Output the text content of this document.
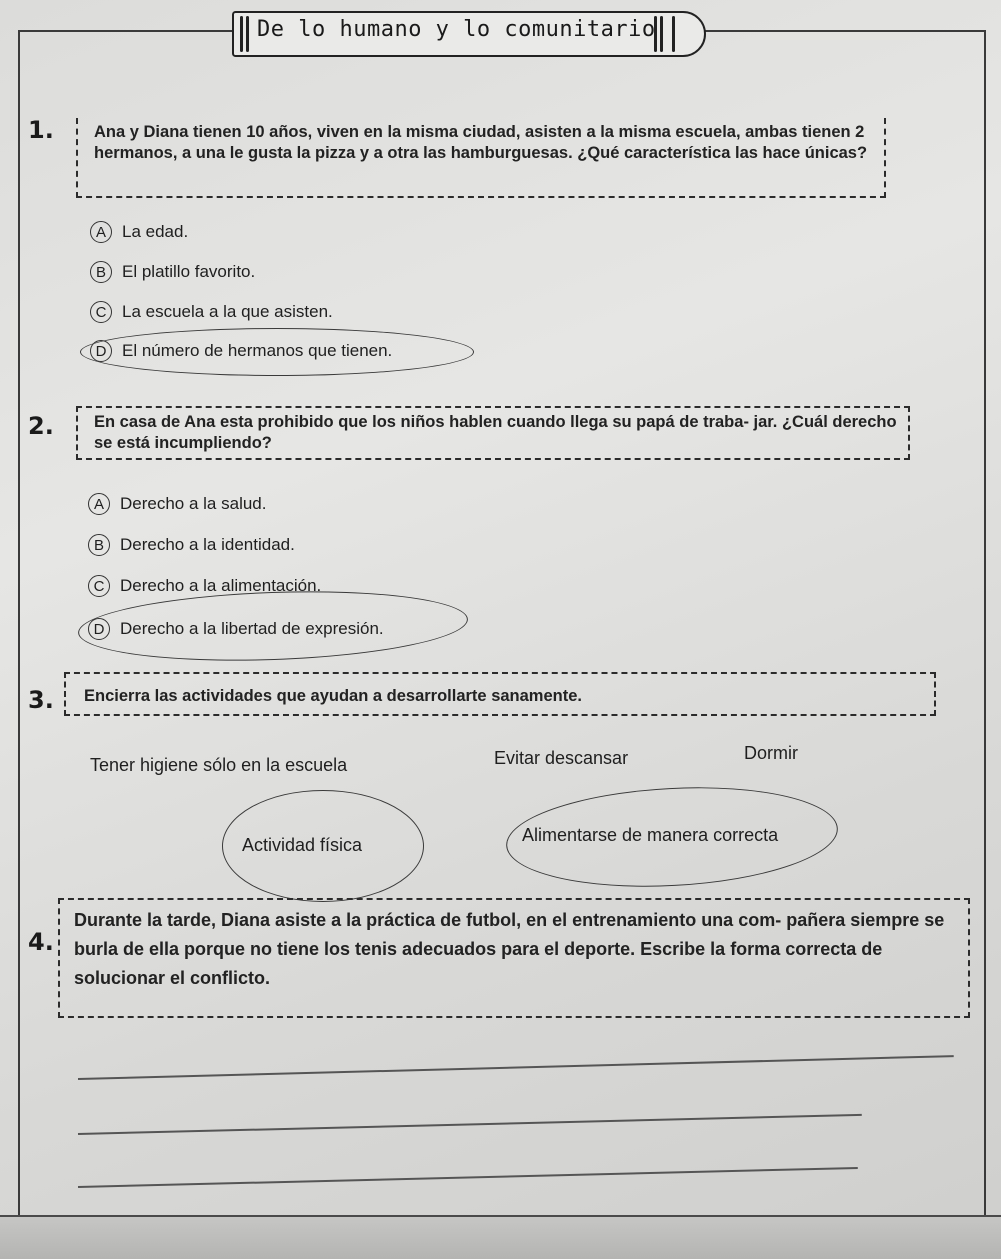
De lo humano y lo comunitario
1.	Ana y Diana tienen 10 años, viven en la misma ciudad, asisten a la misma escuela, ambas tienen 2 hermanos, a una le gusta la pizza y a otra las hamburguesas. ¿Qué característica las hace únicas?
A La edad.
B El platillo favorito.
C La escuela a la que asisten.
D El número de hermanos que tienen.
2.	En casa de Ana esta prohibido que los niños hablen cuando llega su papá de traba- jar. ¿Cuál derecho se está incumpliendo?
A Derecho a la salud.
B Derecho a la identidad.
C Derecho a la alimentación.
D Derecho a la libertad de expresión.
3.	Encierra las actividades que ayudan a desarrollarte sanamente.
Tener higiene sólo en la escuela	Evitar descansar	Dormir
Actividad física	Alimentarse de manera correcta
4.
Durante la tarde, Diana asiste a la práctica de futbol, en el entrenamiento una com- pañera siempre se burla de ella porque no tiene los tenis adecuados para el deporte. Escribe la forma correcta de solucionar el conflicto.
